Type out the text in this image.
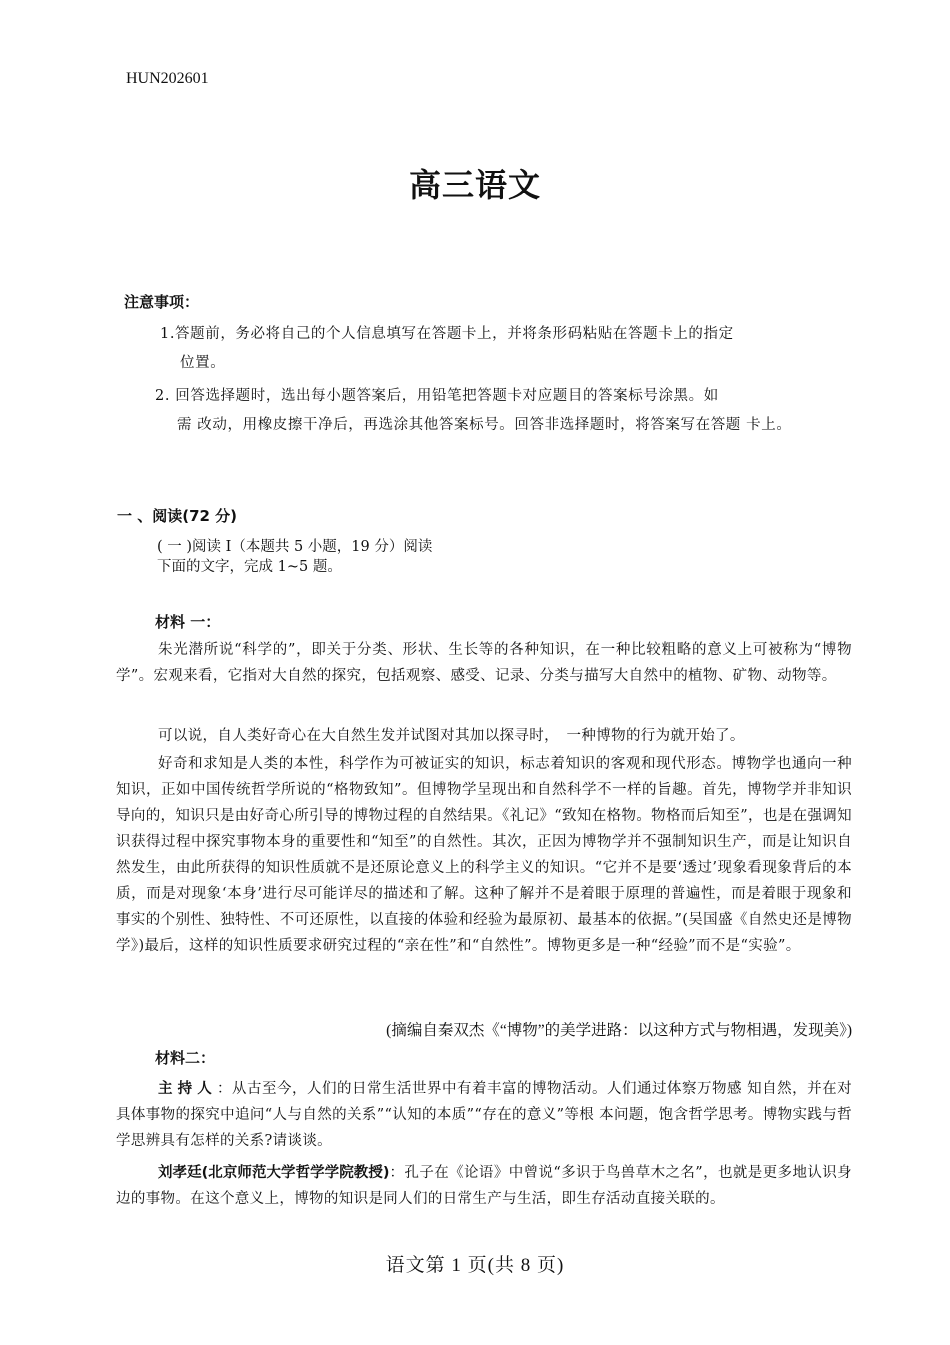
HUN202601
高三语文
注意事项：
1.答题前，务必将自己的个人信息填写在答题卡上，并将条形码粘贴在答题卡上的指定
位置。
2. 回答选择题时，选出每小题答案后，用铅笔把答题卡对应题目的答案标号涂黑。如
需 改动，用橡皮擦干净后，再选涂其他答案标号。回答非选择题时，将答案写在答题 卡上。
一 、阅读(72 分)
( 一 )阅读 I（本题共 5 小题，19 分）阅读下面的文字，完成 1~5 题。
材料 一：
朱光潜所说“科学的”，即关于分类、形状、生长等的各种知识，在一种比较粗略的意义上可被称为“博物学”。宏观来看，它指对大自然的探究，包括观察、感受、记录、分类与描写大自然中的植物、矿物、动物等。
可以说，自人类好奇心在大自然生发并试图对其加以探寻时，　一种博物的行为就开始了。
好奇和求知是人类的本性，科学作为可被证实的知识，标志着知识的客观和现代形态。博物学也通向一种知识，正如中国传统哲学所说的“格物致知”。但博物学呈现出和自然科学不一样的旨趣。首先，博物学并非知识导向的，知识只是由好奇心所引导的博物过程的自然结果。《礼记》“致知在格物。物格而后知至”，也是在强调知识获得过程中探究事物本身的重要性和“知至”的自然性。其次，正因为博物学并不强制知识生产，而是让知识自然发生，由此所获得的知识性质就不是还原论意义上的科学主义的知识。“它并不是要‘透过’现象看现象背后的本质，而是对现象‘本身’进行尽可能详尽的描述和了解。这种了解并不是着眼于原理的普遍性，而是着眼于现象和事实的个别性、独特性、不可还原性，以直接的体验和经验为最原初、最基本的依据。”(吴国盛《自然史还是博物学》)最后，这样的知识性质要求研究过程的“亲在性”和“自然性”。博物更多是一种“经验”而不是“实验”。
(摘编自秦双杰《“博物”的美学进路：以这种方式与物相遇，发现美》)
材料二：
主持人：从古至今，人们的日常生活世界中有着丰富的博物活动。人们通过体察万物感 知自然，并在对具体事物的探究中追问“人与自然的关系”“认知的本质”“存在的意义”等根 本问题，饱含哲学思考。博物实践与哲学思辨具有怎样的关系?请谈谈。
刘孝廷(北京师范大学哲学学院教授)：孔子在《论语》中曾说“多识于鸟兽草木之名”，也就是更多地认识身边的事物。在这个意义上，博物的知识是同人们的日常生产与生活，即生存活动直接关联的。
语文第 1 页(共 8 页)
